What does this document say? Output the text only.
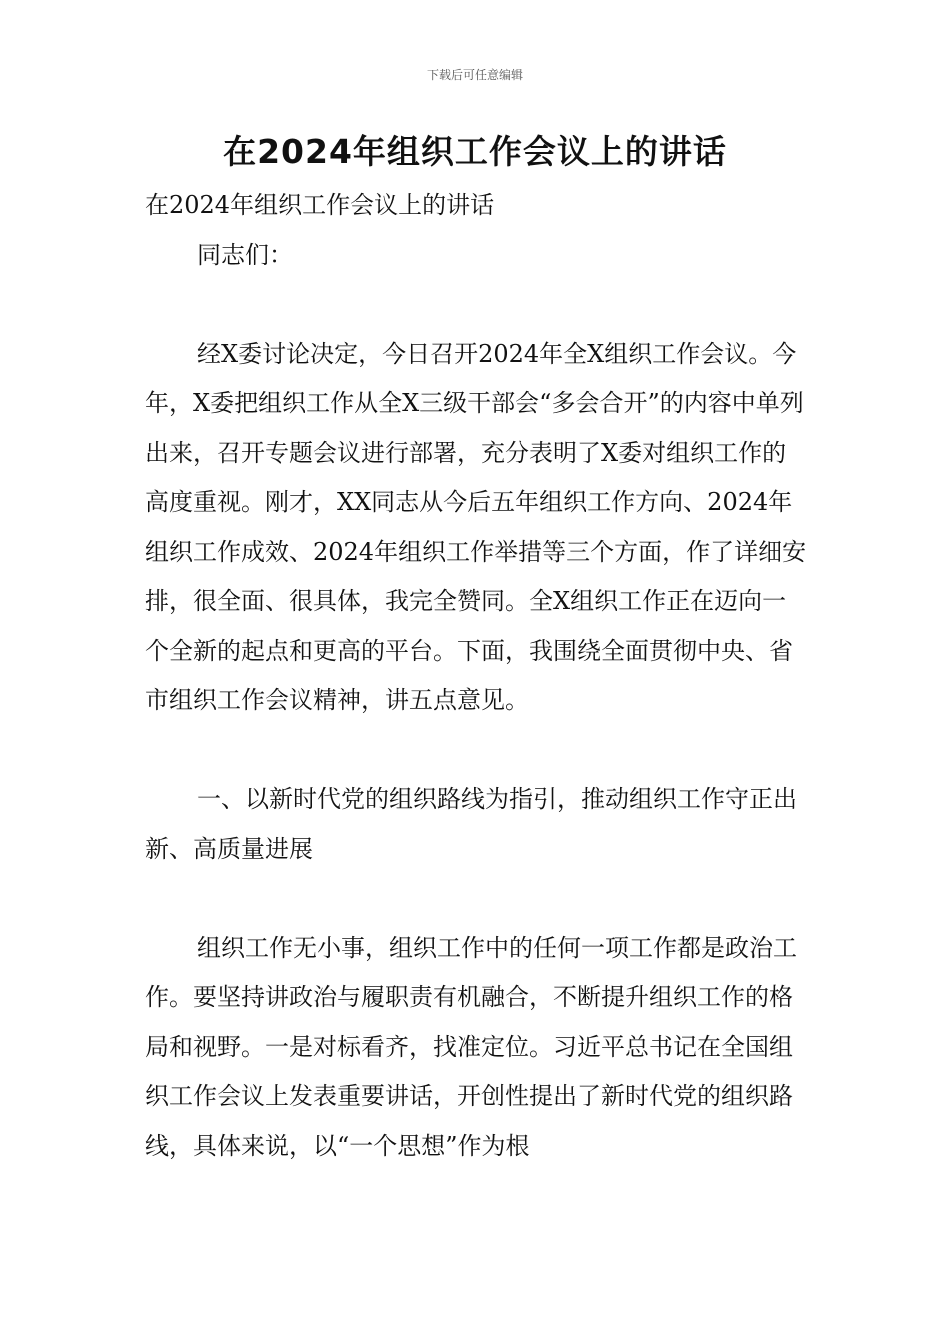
下载后可任意编辑
在2024年组织工作会议上的讲话

在2024年组织工作会议上的讲话

同志们：

经X委讨论决定，今日召开2024年全X组织工作会议。今年，X委把组织工作从全X三级干部会“多会合开”的内容中单列出来，召开专题会议进行部署，充分表明了X委对组织工作的高度重视。刚才，XX同志从今后五年组织工作方向、2024年组织工作成效、2024年组织工作举措等三个方面，作了详细安排，很全面、很具体，我完全赞同。全X组织工作正在迈向一个全新的起点和更高的平台。下面，我围绕全面贯彻中央、省市组织工作会议精神，讲五点意见。

一、以新时代党的组织路线为指引，推动组织工作守正出新、高质量进展

组织工作无小事，组织工作中的任何一项工作都是政治工作。要坚持讲政治与履职责有机融合，不断提升组织工作的格局和视野。一是对标看齐，找准定位。习近平总书记在全国组织工作会议上发表重要讲话，开创性提出了新时代党的组织路线，具体来说，以“一个思想”作为根
